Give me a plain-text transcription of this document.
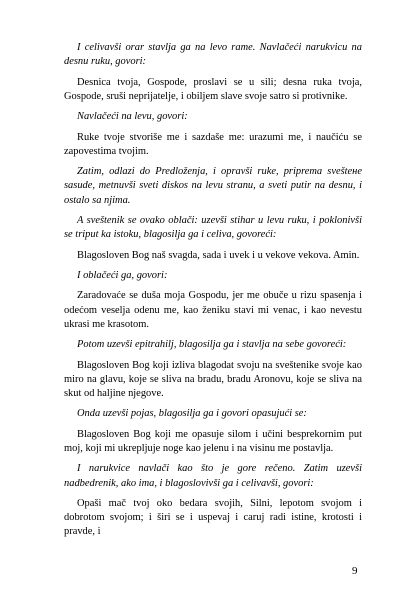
I celivavši orar stavlja ga na levo rame. Navlačeći narukvicu na desnu ruku, govori:

Desnica tvoja, Gospode, proslavi se u sili; desna ruka tvoja, Gospode, sruši neprijatelje, i obiljem slave svoje satro si protivnike.

Navlačeći na levu, govori:

Ruke tvoje stvoriše me i sazdaše me: urazumi me, i naučiću se zapovestima tvojim.

Zatim, odlazi do Predloženja, i opravši ruke, priprema svešteне sasude, metnuvši sveti diskos na levu stranu, a sveti putir na desnu, i ostalo sa njima.

A sveštenik se ovako oblači: uzevši stihar u levu ruku, i poklonivši se triput ka istoku, blagosilja ga i celiva, govoreći:

Blagosloven Bog naš svagda, sada i uvek i u vekove vekova. Amin.

I oblačeći ga, govori:

Zaradovaće se duša moja Gospodu, jer me obuče u rizu spasenja i odećom veselja odenu me, kao ženiku stavi mi venac, i kao nevestu ukrasi me krasotom.

Potom uzevši epitrahilj, blagosilja ga i stavlja na sebe govoreći:

Blagosloven Bog koji izliva blagodat svoju na sveštenike svoje kao miro na glavu, koje se sliva na bradu, bradu Aronovu, koje se sliva na skut od haljine njegove.

Onda uzevši pojas, blagosilja ga i govori opasujući se:

Blagosloven Bog koji me opasuje silom i učini besprekornim put moj, koji mi ukrepljuje noge kao jelenu i na visinu me postavlja.

I narukvice navlači kao što je gore rečeno. Zatim uzevši nadbedrenik, ako ima, i blagoslovivši ga i celivavši, govori:

Opaši mač tvoj oko bedara svojih, Silni, lepotom svojom i dobrotom svojom; i širi se i uspevaj i caruj radi istine, krotosti i pravde, i

9
